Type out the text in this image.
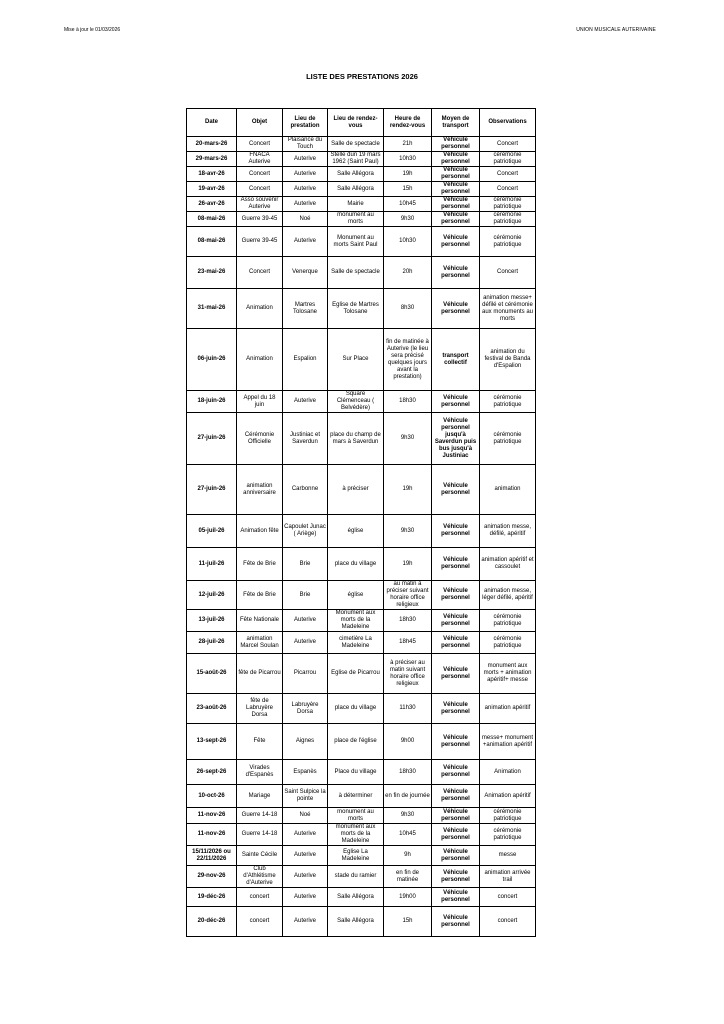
Mise à jour le 01/03/2026	UNION MUSICALE AUTERIVAINE
LISTE DES PRESTATIONS 2026
Date	Objet	Lieu de prestation	Lieu de rendez-vous	Heure de rendez-vous	Moyen de transport	Observations
20-mars-26	Concert	Plaisance du Touch	Salle de spectacle	21h	Véhicule personnel	Concert
29-mars-26	FNACA Auterive	Auterive	Stelle dun 19 mars 1962 (Saint Paul)	10h30	Véhicule personnel	cérémonie patriotique
18-avr-26	Concert	Auterive	Salle Allégora	19h	Véhicule personnel	Concert
19-avr-26	Concert	Auterive	Salle Allégora	15h	Véhicule personnel	Concert
26-avr-26	Asso souvenir Auterive	Auterive	Mairie	10h45	Véhicule personnel	cérémonie patriotique
08-mai-26	Guerre 39-45	Noé	monument au morts	9h30	Véhicule personnel	cérémonie patriotique
08-mai-26	Guerre 39-45	Auterive	Monument au morts Saint Paul	10h30	Véhicule personnel	cérémonie patriotique
23-mai-26	Concert	Venerque	Salle de spectacle	20h	Véhicule personnel	Concert
31-mai-26	Animation	Martres Tolosane	Eglise de Martres Tolosane	8h30	Véhicule personnel	animation messe+ défilé et cérémonie aux monuments au morts
06-juin-26	Animation	Espalion	Sur Place	fin de matinée à Auterive (le lieu sera précisé quelques jours avant la prestation)	transport collectif	animation du festival de Banda d'Espalion
18-juin-26	Appel du 18 juin	Auterive	Square Clémenceau ( Belvédère)	18h30	Véhicule personnel	cérémonie patriotique
27-juin-26	Cérémonie Officielle	Justiniac et Saverdun	place du champ de mars à Saverdun	9h30	Véhicule personnel jusqu'à Saverdun puis bus jusqu'à Justiniac	cérémonie patriotique
27-juin-26	animation anniversaire	Carbonne	à préciser	19h	Véhicule personnel	animation
05-juil-26	Animation fête	Capoulet Junac ( Ariège)	église	9h30	Véhicule personnel	animation messe, défilé, apéritif
11-juil-26	Fête de Brie	Brie	place du village	19h	Véhicule personnel	animation apéritif et cassoulet
12-juil-26	Fête de Brie	Brie	église	au matin à préciser suivant horaire office religieux	Véhicule personnel	animation messe, léger défilé, apéritif
13-juil-26	Fête Nationale	Auterive	Monument aux morts de la Madeleine	18h30	Véhicule personnel	cérémonie patriotique
28-juil-26	animation Marcel Soulan	Auterive	cimetière La Madeleine	18h45	Véhicule personnel	cérémonie patriotique
15-août-26	fête de Picarrou	Picarrou	Eglise de Picarrou	à préciser au matin suivant horaire office religieux	Véhicule personnel	monument aux morts + animation apéritif+ messe
23-août-26	fête de Labruyère Dorsa	Labruyère Dorsa	place du village	11h30	Véhicule personnel	animation apéritif
13-sept-26	Fête	Aignes	place de l'église	9h00	Véhicule personnel	messe+ monument +animation apéritif
26-sept-26	Virades d'Espanès	Espanès	Place du village	18h30	Véhicule personnel	Animation
10-oct-26	Mariage	Saint Sulpice la pointe	à déterminer	en fin de journée	Véhicule personnel	Animation apéritif
11-nov-26	Guerre 14-18	Noé	monument au morts	9h30	Véhicule personnel	cérémonie patriotique
11-nov-26	Guerre 14-18	Auterive	monument aux morts de la Madeleine	10h45	Véhicule personnel	cérémonie patriotique
15/11/2026 ou 22/11/2026	Sainte Cécile	Auterive	Eglise La Madeleine	9h	Véhicule personnel	messe
29-nov-26	Club d'Athlétisme d'Auterive	Auterive	stade du ramier	en fin de matinée	Véhicule personnel	animation arrivée trail
19-déc-26	concert	Auterive	Salle Allégora	19h00	Véhicule personnel	concert
20-déc-26	concert	Auterive	Salle Allégora	15h	Véhicule personnel	concert
